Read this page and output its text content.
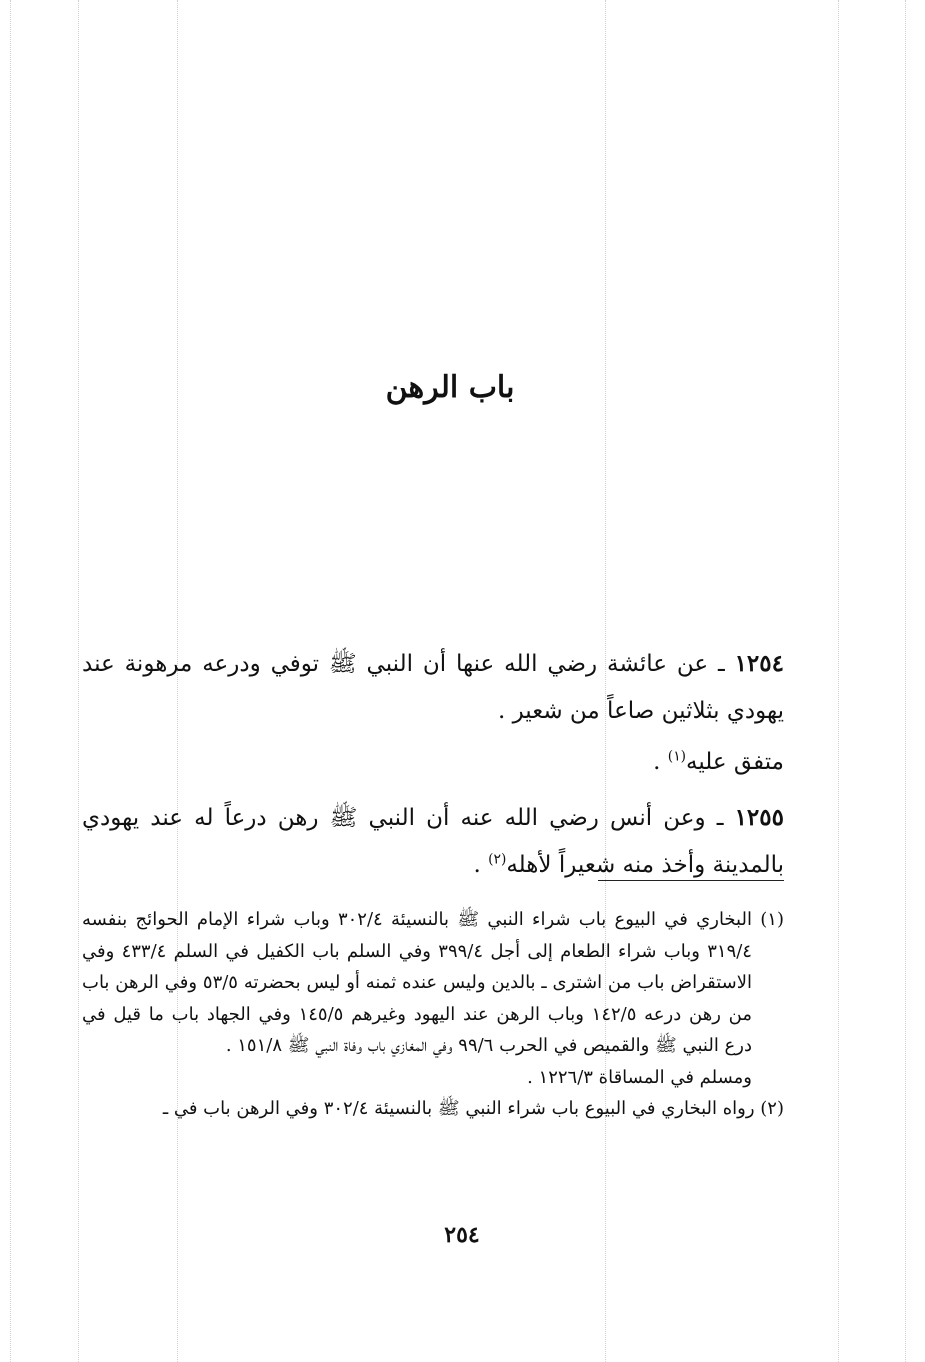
باب الرهن

١٢٥٤ ـ عن عائشة رضي الله عنها أن النبي ﷺ توفي ودرعه مرهونة عند يهودي بثلاثين صاعاً من شعير .

متفق عليه$^{(١)}$ .

١٢٥٥ ـ وعن أنس رضي الله عنه أن النبي ﷺ رهن درعاً له عند يهودي بالمدينة وأخذ منه شعيراً لأهله$^{(٢)}$ .

(١) البخاري في البيوع باب شراء النبي ﷺ بالنسيئة ٣٠٢/٤ وباب شراء الإمام الحوائج بنفسه ٣١٩/٤ وباب شراء الطعام إلى أجل ٣٩٩/٤ وفي السلم باب الكفيل في السلم ٤٣٣/٤ وفي الاستقراض باب من اشترى ـ بالدين وليس عنده ثمنه أو ليس بحضرته ٥٣/٥ وفي الرهن باب من رهن درعه ١٤٢/٥ وباب الرهن عند اليهود وغيرهم ١٤٥/٥ وفي الجهاد باب ما قيل في درع النبي ﷺ والقميص في الحرب ٩٩/٦ وفي المغازي باب وفاة النبي ﷺ ١٥١/٨ .

ومسلم في المساقاة ١٢٢٦/٣ .

(٢) رواه البخاري في البيوع باب شراء النبي ﷺ بالنسيئة ٣٠٢/٤ وفي الرهن باب في ـ

٢٥٤
